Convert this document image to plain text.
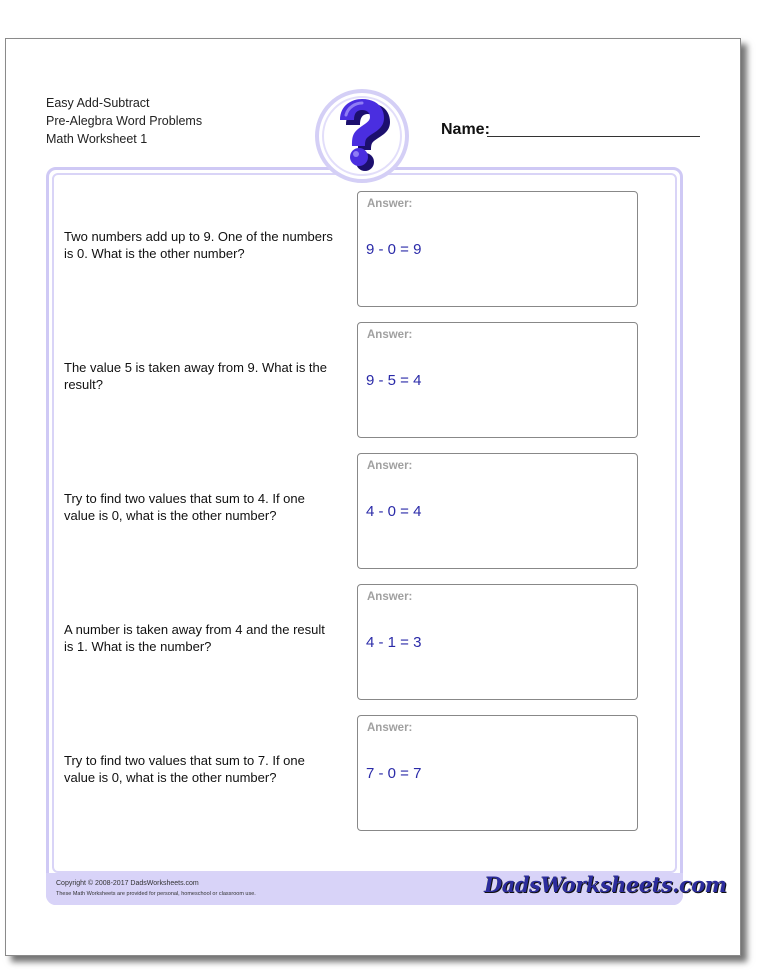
Easy Add-Subtract
Pre-Alegbra Word Problems
Math Worksheet 1
Name:
Two numbers add up to 9. One of the numbers is 0. What is the other number?
Answer:
9 - 0 = 9
The value 5 is taken away from 9. What is the result?
Answer:
9 - 5 = 4
Try to find two values that sum to 4. If one value is 0, what is the other number?
Answer:
4 - 0 = 4
A number is taken away from 4 and the result is 1. What is the number?
Answer:
4 - 1 = 3
Try to find two values that sum to 7. If one value is 0, what is the other number?
Answer:
7 - 0 = 7
Copyright © 2008-2017 DadsWorksheets.com
These Math Worksheets are provided for personal, homeschool or classroom use.	DadsWorksheets.com
